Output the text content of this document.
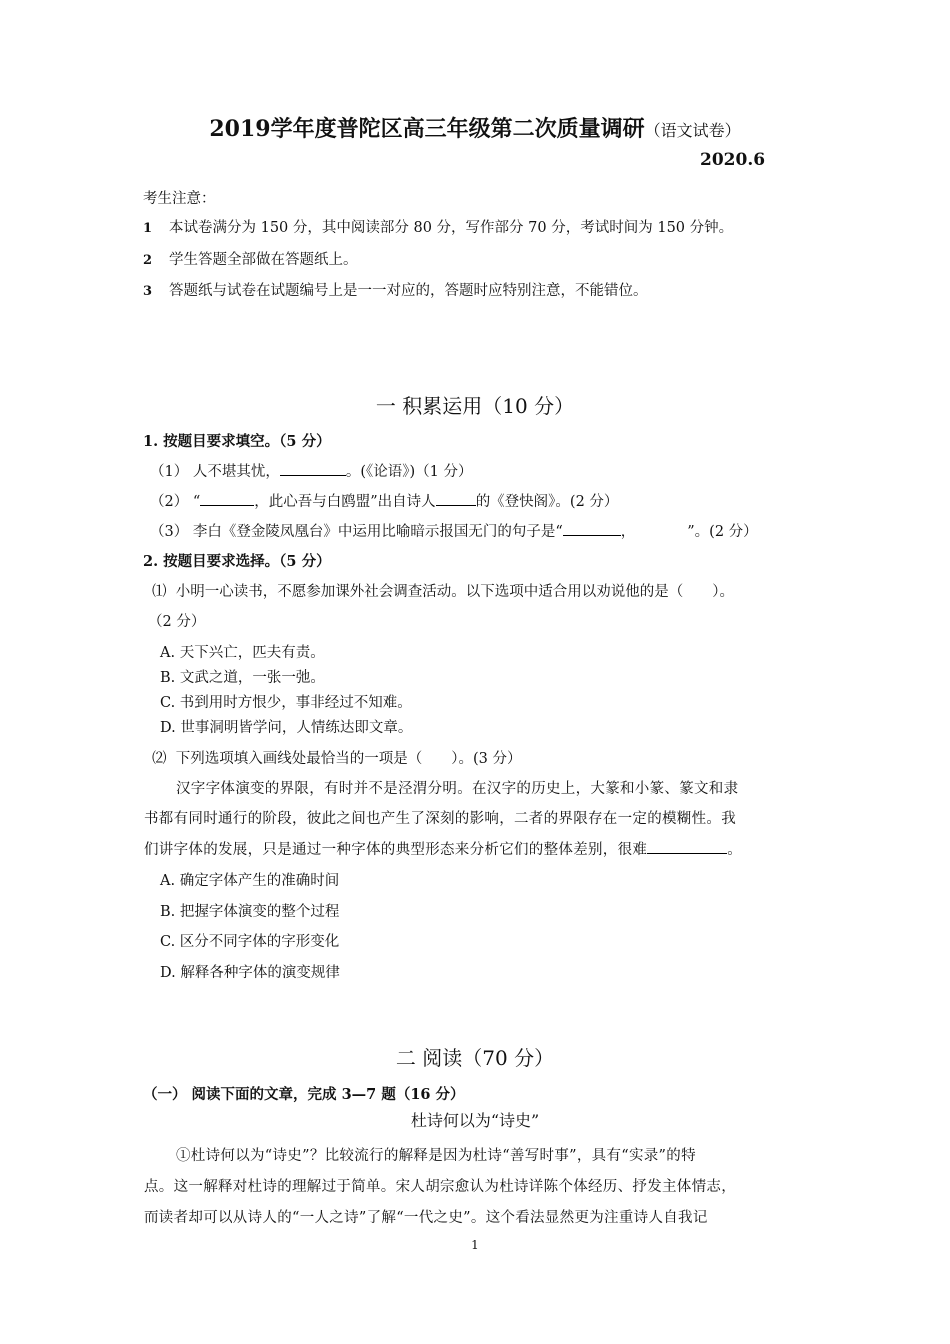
2019学年度普陀区高三年级第二次质量调研（语文试卷）
2020.6
考生注意：
1 本试卷满分为 150 分，其中阅读部分 80 分，写作部分 70 分，考试时间为 150 分钟。
2 学生答题全部做在答题纸上。
3 答题纸与试卷在试题编号上是一一对应的，答题时应特别注意，不能错位。
一 积累运用（10 分）
1. 按题目要求填空。（5 分）
（1） 人不堪其忧，	。(《论语》)（1 分）
（2） “	，此心吾与白鸥盟”出自诗人	的《登快阁》。(2 分）
（3） 李白《登金陵凤凰台》中运用比喻暗示报国无门的句子是“	，	”。(2 分）
2. 按题目要求选择。（5 分）
⑴ 小明一心读书，不愿参加课外社会调查活动。以下选项中适合用以劝说他的是（　　）。
（2 分）
A. 天下兴亡，匹夫有责。
B. 文武之道，一张一弛。
C. 书到用时方恨少，事非经过不知难。
D. 世事洞明皆学问，人情练达即文章。
⑵ 下列选项填入画线处最恰当的一项是（　　）。(3 分）
汉字字体演变的界限，有时并不是泾渭分明。在汉字的历史上，大篆和小篆、篆文和隶
书都有同时通行的阶段，彼此之间也产生了深刻的影响，二者的界限存在一定的模糊性。我
们讲字体的发展，只是通过一种字体的典型形态来分析它们的整体差别，很难	。
A. 确定字体产生的准确时间
B. 把握字体演变的整个过程
C. 区分不同字体的字形变化
D. 解释各种字体的演变规律
二 阅读（70 分）
（一） 阅读下面的文章，完成 3—7 题（16 分）
杜诗何以为“诗史”
①杜诗何以为“诗史”？比较流行的解释是因为杜诗“善写时事”，具有“实录”的特
点。这一解释对杜诗的理解过于简单。宋人胡宗愈认为杜诗详陈个体经历、抒发主体情志，
而读者却可以从诗人的“一人之诗”了解“一代之史”。这个看法显然更为注重诗人自我记
1
